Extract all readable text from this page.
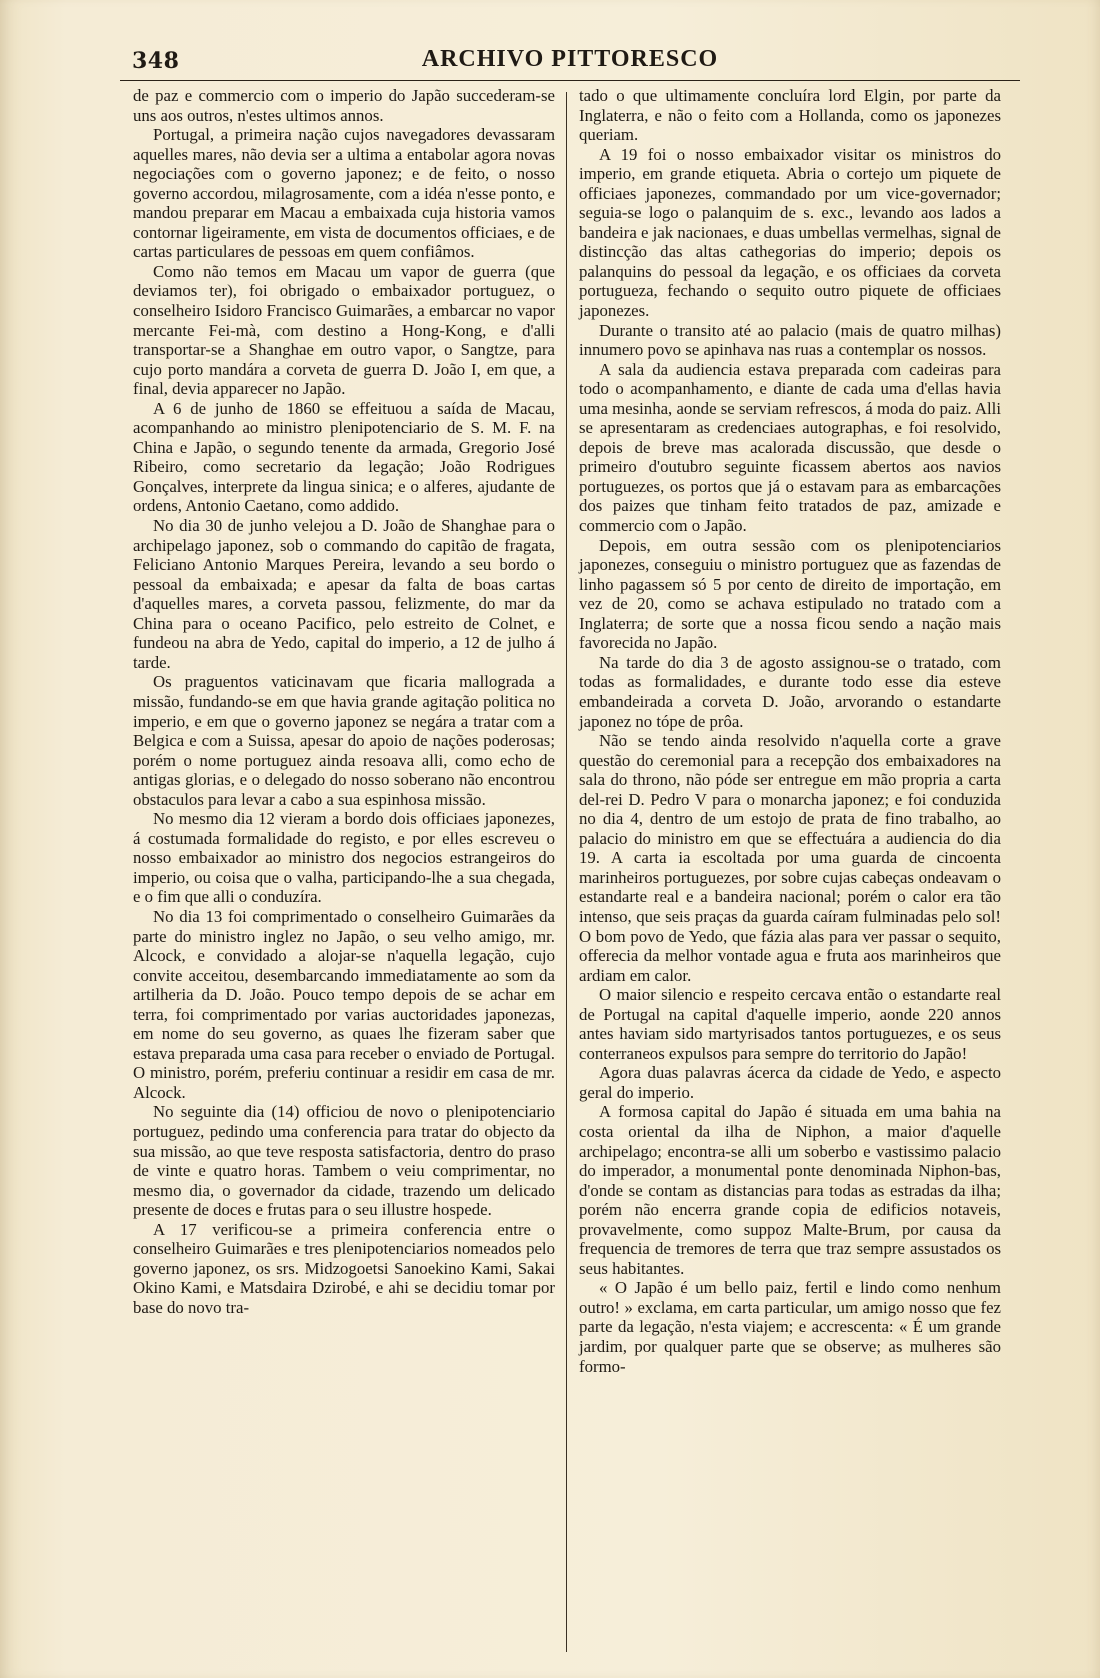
348	ARCHIVO PITTORESCO

de paz e commercio com o imperio do Japão succederam-se uns aos outros, n'estes ultimos annos.

Portugal, a primeira nação cujos navegadores devassaram aquelles mares, não devia ser a ultima a entabolar agora novas negociações com o governo japonez; e de feito, o nosso governo accordou, milagrosamente, com a idéa n'esse ponto, e mandou preparar em Macau a embaixada cuja historia vamos contornar ligeiramente, em vista de documentos officiaes, e de cartas particulares de pessoas em quem confiâmos.

Como não temos em Macau um vapor de guerra (que deviamos ter), foi obrigado o embaixador portuguez, o conselheiro Isidoro Francisco Guimarães, a embarcar no vapor mercante Fei-mà, com destino a Hong-Kong, e d'alli transportar-se a Shanghae em outro vapor, o Sangtze, para cujo porto mandára a corveta de guerra D. João I, em que, a final, devia apparecer no Japão.

A 6 de junho de 1860 se effeituou a saída de Macau, acompanhando ao ministro plenipotenciario de S. M. F. na China e Japão, o segundo tenente da armada, Gregorio José Ribeiro, como secretario da legação; João Rodrigues Gonçalves, interprete da lingua sinica; e o alferes, ajudante de ordens, Antonio Caetano, como addido.

No dia 30 de junho velejou a D. João de Shanghae para o archipelago japonez, sob o commando do capitão de fragata, Feliciano Antonio Marques Pereira, levando a seu bordo o pessoal da embaixada; e apesar da falta de boas cartas d'aquelles mares, a corveta passou, felizmente, do mar da China para o oceano Pacifico, pelo estreito de Colnet, e fundeou na abra de Yedo, capital do imperio, a 12 de julho á tarde.

Os praguentos vaticinavam que ficaria mallograda a missão, fundando-se em que havia grande agitação politica no imperio, e em que o governo japonez se negára a tratar com a Belgica e com a Suissa, apesar do apoio de nações poderosas; porém o nome portuguez ainda resoava alli, como echo de antigas glorias, e o delegado do nosso soberano não encontrou obstaculos para levar a cabo a sua espinhosa missão.

No mesmo dia 12 vieram a bordo dois officiaes japonezes, á costumada formalidade do registo, e por elles escreveu o nosso embaixador ao ministro dos negocios estrangeiros do imperio, ou coisa que o valha, participando-lhe a sua chegada, e o fim que alli o conduzíra.

No dia 13 foi comprimentado o conselheiro Guimarães da parte do ministro inglez no Japão, o seu velho amigo, mr. Alcock, e convidado a alojar-se n'aquella legação, cujo convite acceitou, desembarcando immediatamente ao som da artilheria da D. João. Pouco tempo depois de se achar em terra, foi comprimentado por varias auctoridades japonezas, em nome do seu governo, as quaes lhe fizeram saber que estava preparada uma casa para receber o enviado de Portugal. O ministro, porém, preferiu continuar a residir em casa de mr. Alcock.

No seguinte dia (14) officiou de novo o plenipotenciario portuguez, pedindo uma conferencia para tratar do objecto da sua missão, ao que teve resposta satisfactoria, dentro do praso de vinte e quatro horas. Tambem o veiu comprimentar, no mesmo dia, o governador da cidade, trazendo um delicado presente de doces e frutas para o seu illustre hospede.

A 17 verificou-se a primeira conferencia entre o conselheiro Guimarães e tres plenipotenciarios nomeados pelo governo japonez, os srs. Midzogoetsi Sanoekino Kami, Sakai Okino Kami, e Matsdaira Dzirobé, e ahi se decidiu tomar por base do novo tra-

tado o que ultimamente concluíra lord Elgin, por parte da Inglaterra, e não o feito com a Hollanda, como os japonezes queriam.

A 19 foi o nosso embaixador visitar os ministros do imperio, em grande etiqueta. Abria o cortejo um piquete de officiaes japonezes, commandado por um vice-governador; seguia-se logo o palanquim de s. exc., levando aos lados a bandeira e jak nacionaes, e duas umbellas vermelhas, signal de distincção das altas cathegorias do imperio; depois os palanquins do pessoal da legação, e os officiaes da corveta portugueza, fechando o sequito outro piquete de officiaes japonezes.

Durante o transito até ao palacio (mais de quatro milhas) innumero povo se apinhava nas ruas a contemplar os nossos.

A sala da audiencia estava preparada com cadeiras para todo o acompanhamento, e diante de cada uma d'ellas havia uma mesinha, aonde se serviam refrescos, á moda do paiz. Alli se apresentaram as credenciaes autographas, e foi resolvido, depois de breve mas acalorada discussão, que desde o primeiro d'outubro seguinte ficassem abertos aos navios portuguezes, os portos que já o estavam para as embarcações dos paizes que tinham feito tratados de paz, amizade e commercio com o Japão.

Depois, em outra sessão com os plenipotenciarios japonezes, conseguiu o ministro portuguez que as fazendas de linho pagassem só 5 por cento de direito de importação, em vez de 20, como se achava estipulado no tratado com a Inglaterra; de sorte que a nossa ficou sendo a nação mais favorecida no Japão.

Na tarde do dia 3 de agosto assignou-se o tratado, com todas as formalidades, e durante todo esse dia esteve embandeirada a corveta D. João, arvorando o estandarte japonez no tópe de prôa.

Não se tendo ainda resolvido n'aquella corte a grave questão do ceremonial para a recepção dos embaixadores na sala do throno, não póde ser entregue em mão propria a carta del-rei D. Pedro V para o monarcha japonez; e foi conduzida no dia 4, dentro de um estojo de prata de fino trabalho, ao palacio do ministro em que se effectuára a audiencia do dia 19. A carta ia escoltada por uma guarda de cincoenta marinheiros portuguezes, por sobre cujas cabeças ondeavam o estandarte real e a bandeira nacional; porém o calor era tão intenso, que seis praças da guarda caíram fulminadas pelo sol! O bom povo de Yedo, que fázia alas para ver passar o sequito, offerecia da melhor vontade agua e fruta aos marinheiros que ardiam em calor.

O maior silencio e respeito cercava então o estandarte real de Portugal na capital d'aquelle imperio, aonde 220 annos antes haviam sido martyrisados tantos portuguezes, e os seus conterraneos expulsos para sempre do territorio do Japão!

Agora duas palavras ácerca da cidade de Yedo, e aspecto geral do imperio.

A formosa capital do Japão é situada em uma bahia na costa oriental da ilha de Niphon, a maior d'aquelle archipelago; encontra-se alli um soberbo e vastissimo palacio do imperador, a monumental ponte denominada Niphon-bas, d'onde se contam as distancias para todas as estradas da ilha; porém não encerra grande copia de edificios notaveis, provavelmente, como suppoz Malte-Brum, por causa da frequencia de tremores de terra que traz sempre assustados os seus habitantes.

« O Japão é um bello paiz, fertil e lindo como nenhum outro! » exclama, em carta particular, um amigo nosso que fez parte da legação, n'esta viajem; e accrescenta: « É um grande jardim, por qualquer parte que se observe; as mulheres são formo-
